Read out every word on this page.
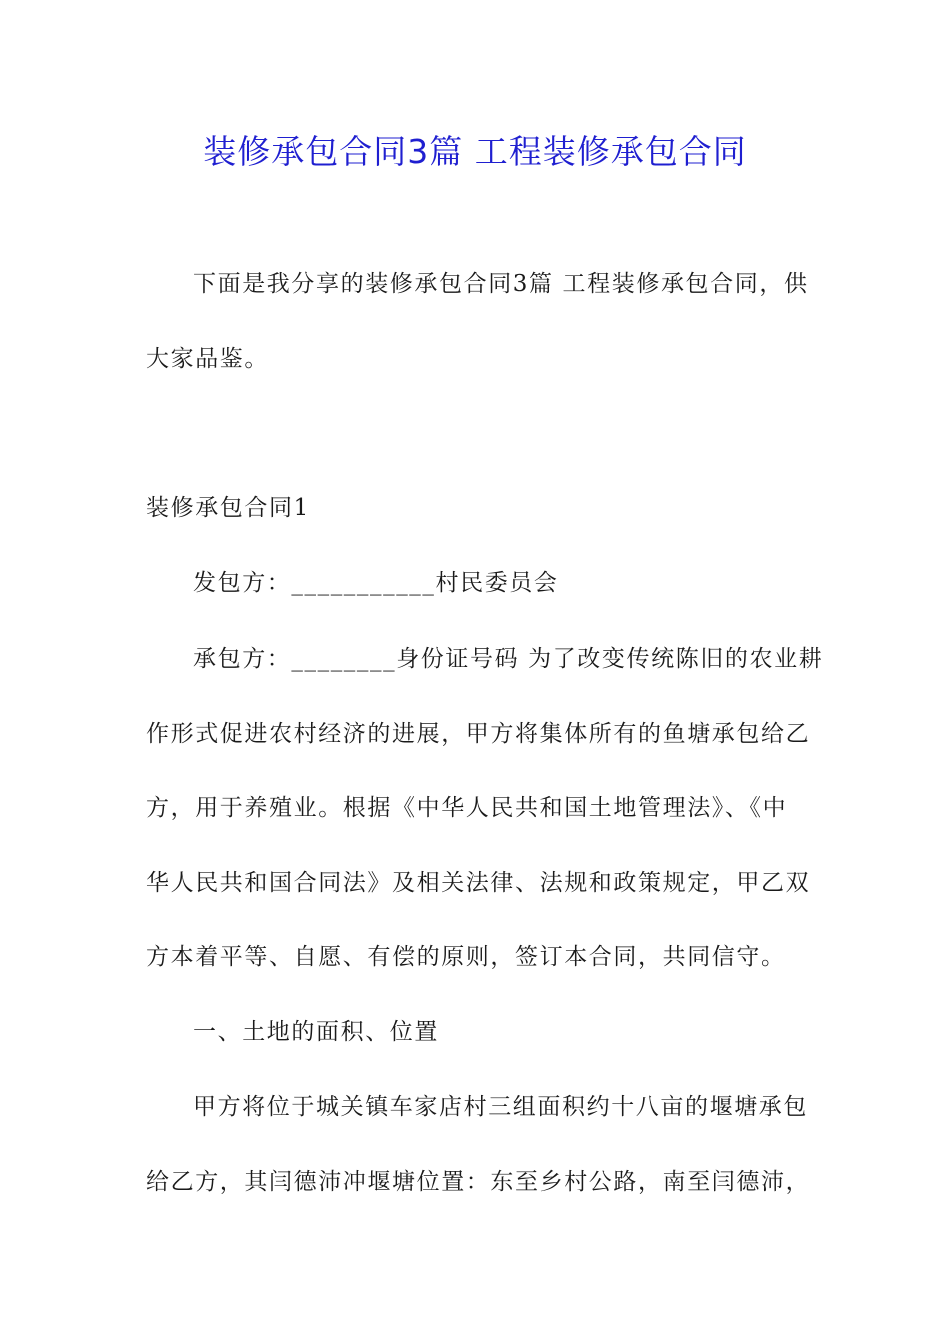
装修承包合同3篇 工程装修承包合同
下面是我分享的装修承包合同3篇 工程装修承包合同，供
大家品鉴。
装修承包合同1
发包方：___________村民委员会
承包方：________身份证号码 为了改变传统陈旧的农业耕
作形式促进农村经济的进展，甲方将集体所有的鱼塘承包给乙
方，用于养殖业。根据《中华人民共和国土地管理法》、《中
华人民共和国合同法》及相关法律、法规和政策规定，甲乙双
方本着平等、自愿、有偿的原则，签订本合同，共同信守。
一、土地的面积、位置
甲方将位于城关镇车家店村三组面积约十八亩的堰塘承包
给乙方，其闫德沛冲堰塘位置：东至乡村公路，南至闫德沛，
